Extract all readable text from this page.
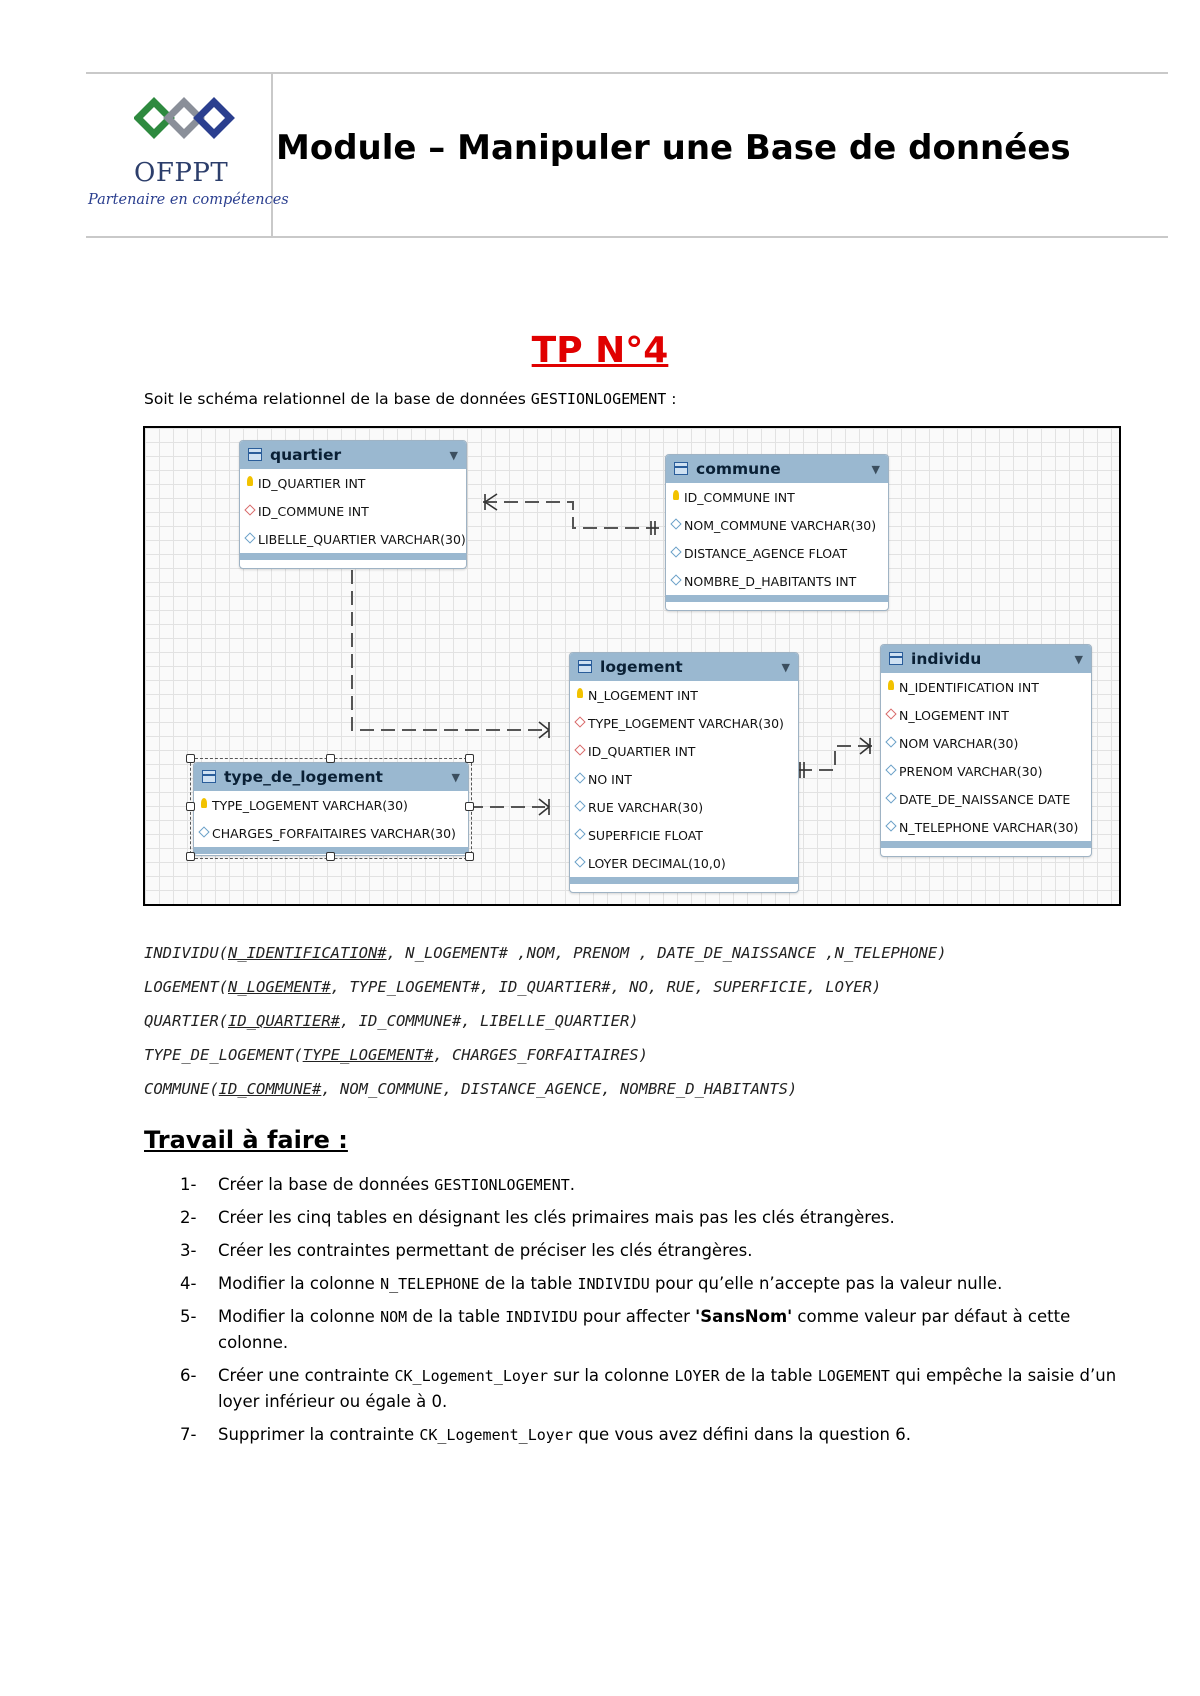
OFPPT
Partenaire en compétences
Module – Manipuler une Base de données
TP N°4
Soit le schéma relationnel de la base de données GESTIONLOGEMENT :
quartier	▼
ID_QUARTIER INT
ID_COMMUNE INT
LIBELLE_QUARTIER VARCHAR(30)
commune	▼
ID_COMMUNE INT
NOM_COMMUNE VARCHAR(30)
DISTANCE_AGENCE FLOAT
NOMBRE_D_HABITANTS INT
logement	▼
N_LOGEMENT INT
TYPE_LOGEMENT VARCHAR(30)
ID_QUARTIER INT
NO INT
RUE VARCHAR(30)
SUPERFICIE FLOAT
LOYER DECIMAL(10,0)
individu	▼
N_IDENTIFICATION INT
N_LOGEMENT INT
NOM VARCHAR(30)
PRENOM VARCHAR(30)
DATE_DE_NAISSANCE DATE
N_TELEPHONE VARCHAR(30)
type_de_logement	▼
TYPE_LOGEMENT VARCHAR(30)
CHARGES_FORFAITAIRES VARCHAR(30)
INDIVIDU(N_IDENTIFICATION#, N_LOGEMENT# ,NOM, PRENOM , DATE_DE_NAISSANCE ,N_TELEPHONE)
LOGEMENT(N_LOGEMENT#, TYPE_LOGEMENT#, ID_QUARTIER#, NO, RUE, SUPERFICIE, LOYER)
QUARTIER(ID_QUARTIER#, ID_COMMUNE#, LIBELLE_QUARTIER)
TYPE_DE_LOGEMENT(TYPE_LOGEMENT#, CHARGES_FORFAITAIRES)
COMMUNE(ID_COMMUNE#, NOM_COMMUNE, DISTANCE_AGENCE, NOMBRE_D_HABITANTS)
Travail à faire :
1- Créer la base de données GESTIONLOGEMENT.
2- Créer les cinq tables en désignant les clés primaires mais pas les clés étrangères.
3- Créer les contraintes permettant de préciser les clés étrangères.
4- Modifier la colonne N_TELEPHONE de la table INDIVIDU pour qu’elle n’accepte pas la valeur nulle.
5- Modifier la colonne NOM de la table INDIVIDU pour affecter 'SansNom' comme valeur par défaut à cette colonne.
6- Créer une contrainte CK_Logement_Loyer sur la colonne LOYER de la table LOGEMENT qui empêche la saisie d’un loyer inférieur ou égale à 0.
7- Supprimer la contrainte CK_Logement_Loyer que vous avez défini dans la question 6.
